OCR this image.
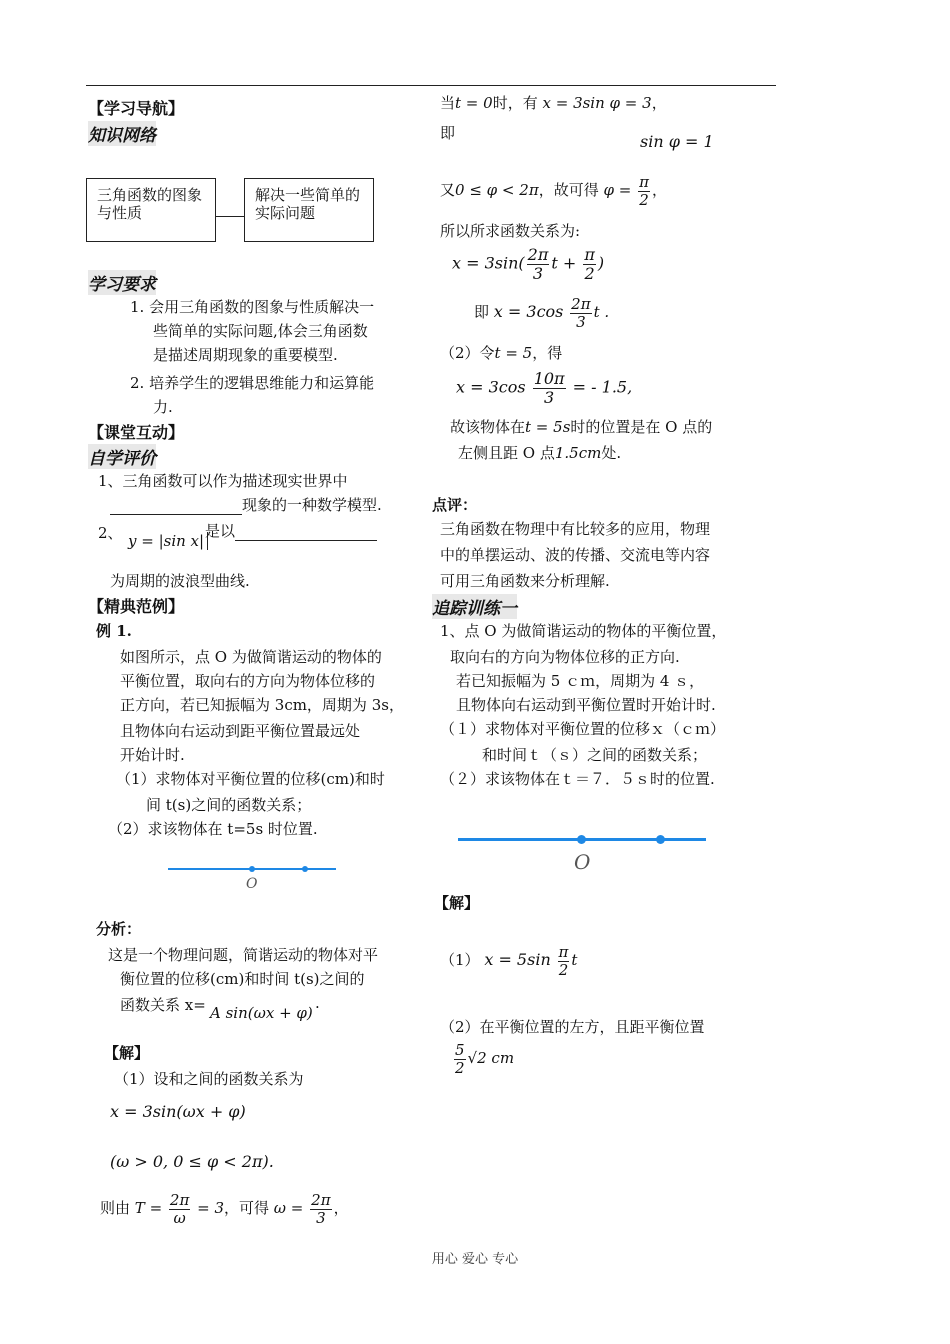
【学习导航】
知识网络
三角函数的图象与性质
解决一些简单的实际问题
学习要求
1. 会用三角函数的图象与性质解决一
些简单的实际问题,体会三角函数
是描述周期现象的重要模型.
2. 培养学生的逻辑思维能力和运算能
力.
【课堂互动】
自学评价
1、三角函数可以作为描述现实世界中
现象的一种数学模型.
2、 y = |sin x|
是以
为周期的波浪型曲线.
【精典范例】
例 1.
如图所示，点 O 为做简谐运动的物体的
平衡位置，取向右的方向为物体位移的
正方向，若已知振幅为 3cm，周期为 3s，
且物体向右运动到距平衡位置最远处
开始计时.
（1）求物体对平衡位置的位移(cm)和时
间 t(s)之间的函数关系；
（2）求该物体在 t=5s 时位置.
O
分析：
这是一个物理问题，简谐运动的物体对平
衡位置的位移(cm)和时间 t(s)之间的
函数关系 x= A sin(ωx + φ)
.
【解】
（1）设和之间的函数关系为
x = 3sin(ωx + φ)
(ω > 0, 0 ≤ φ < 2π).
则由 $T = \frac{2\pi}{\omega} = 3$，可得 $\omega = \frac{2\pi}{3}$ ，
当t = 0时，有 x = 3sin φ = 3，
即	sin φ = 1
又0 ≤ φ < 2π，故可得 $\varphi = \frac{\pi}{2}$ ，
所以所求函数关系为:
$x = 3\sin( \frac{2\pi}{3}$ $t + \frac{\pi}{2}$ )
即 $x = 3\cos \frac{2\pi}{3}$ t .
（2）令t = 5，得
$x = 3\cos \frac{10\pi}{3}$ = - 1.5,
故该物体在t = 5s时的位置是在 O 点的
左侧且距 O 点1.5cm处.
点评：
三角函数在物理中有比较多的应用，物理
中的单摆运动、波的传播、交流电等内容
可用三角函数来分析理解.
追踪训练一
1、点 O 为做简谐运动的物体的平衡位置，
取向右的方向为物体位移的正方向.
若已知振幅为 5 ｃｍ，周期为 4 ｓ，
且物体向右运动到平衡位置时开始计时.
（１）求物体对平衡位置的位移ｘ（ｃｍ）
和时间ｔ（ｓ）之间的函数关系；
（２）求该物体在ｔ＝７．５ｓ时的位置.
O
【解】
（1） $x = 5\sin \frac{\pi}{2}$ t
（2）在平衡位置的左方，且距平衡位置
$\frac{5}{2} √2$ cm
用心 爱心 专心
